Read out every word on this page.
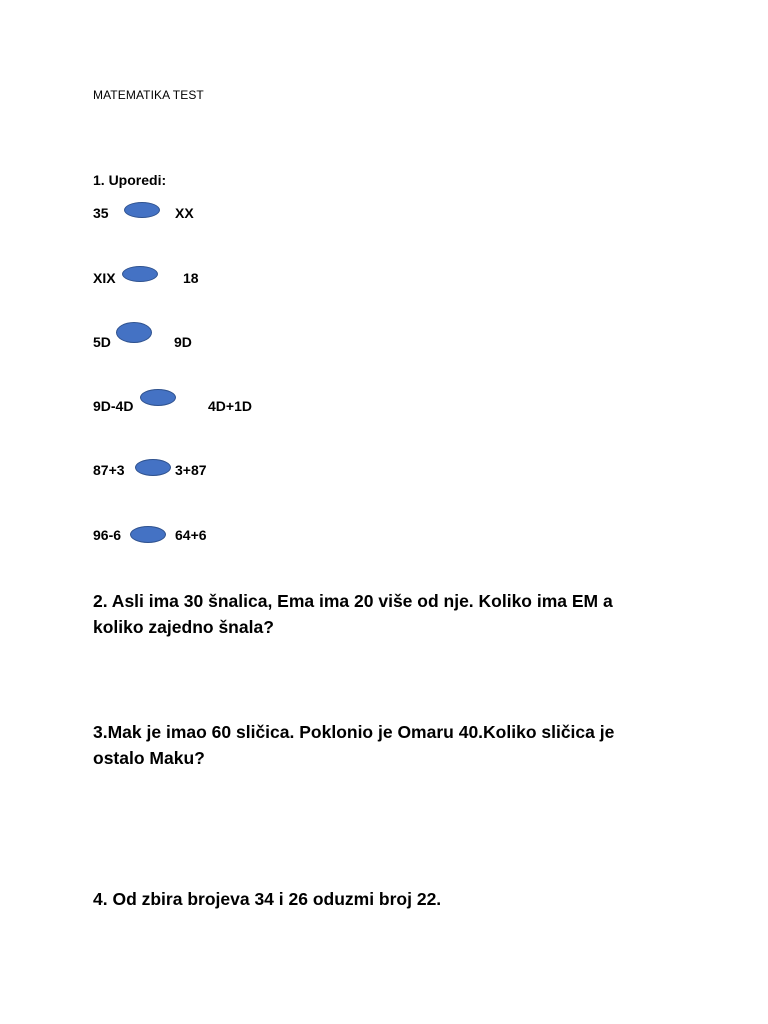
MATEMATIKA TEST
1. Uporedi:
35	XX
XIX	18
5D	9D
9D-4D	4D+1D
87+3	3+87
96-6	64+6
2. Asli ima 30 šnalica, Ema ima 20 više od nje. Koliko ima EM a
koliko zajedno šnala?
3.Mak je imao 60 sličica. Poklonio je Omaru 40.Koliko sličica je
ostalo Maku?
4. Od zbira brojeva 34 i 26 oduzmi broj 22.
